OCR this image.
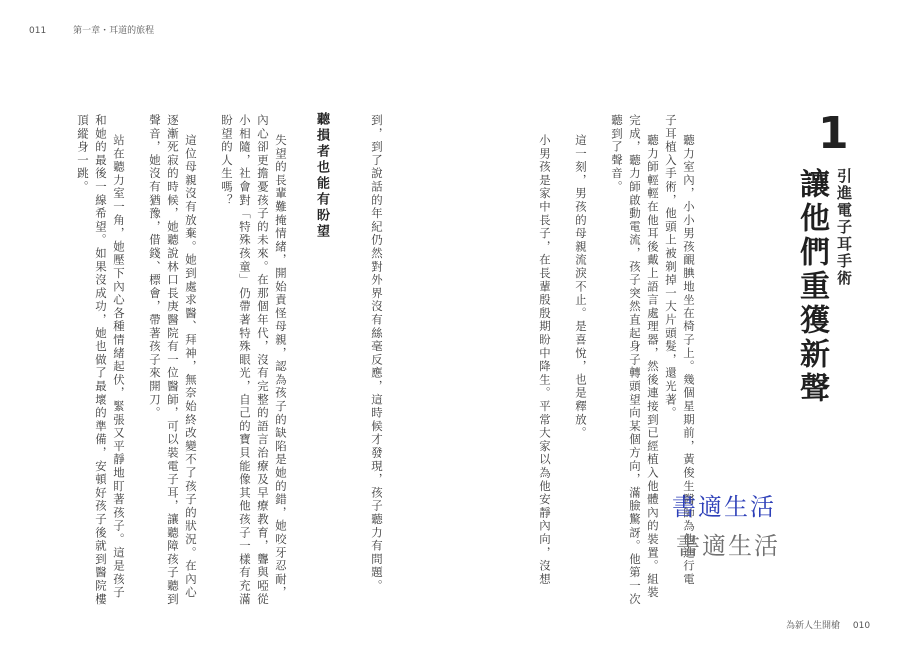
011	第一章・耳道的旅程
1
引進電子耳手術
讓他們重獲新聲
聽力室內，小小男孩靦腆地坐在椅子上。幾個星期前，黃俊生醫師為他進行電
子耳植入手術，他頭上被剃掉一大片頭髮，還光著。
聽力師輕輕在他耳後戴上語言處理器，然後連接到已經植入他體內的裝置。組裝
完成，聽力師啟動電流，孩子突然直起身子轉頭望向某個方向，滿臉驚訝。他第一次
聽到了聲音。
這一刻，男孩的母親流淚不止。是喜悅，也是釋放。
小男孩是家中長子，在長輩殷殷期盼中降生。平常大家以為他安靜內向，沒想
到，到了說話的年紀仍然對外界沒有絲毫反應，這時候才發現，孩子聽力有問題。
聽損者也能有盼望
失望的長輩難掩情緒，開始責怪母親，認為孩子的缺陷是她的錯，她咬牙忍耐，
內心卻更擔憂孩子的未來。在那個年代，沒有完整的語言治療及早療教育，聾與啞從
小相隨，社會對「特殊孩童」仍帶著特殊眼光，自己的寶貝能像其他孩子一樣有充滿
盼望的人生嗎？
這位母親沒有放棄。她到處求醫、拜神，無奈始終改變不了孩子的狀況。在內心
逐漸死寂的時候，她聽說林口長庚醫院有一位醫師，可以裝電子耳，讓聽障孩子聽到
聲音，她沒有猶豫，借錢、標會，帶著孩子來開刀。
站在聽力室一角，她壓下內心各種情緒起伏，緊張又平靜地盯著孩子。這是孩子
和她的最後一線希望。如果沒成功，她也做了最壞的準備，安頓好孩子後就到醫院樓
頂縱身一跳。
書適生活
書適生活
為新人生開槍 010
